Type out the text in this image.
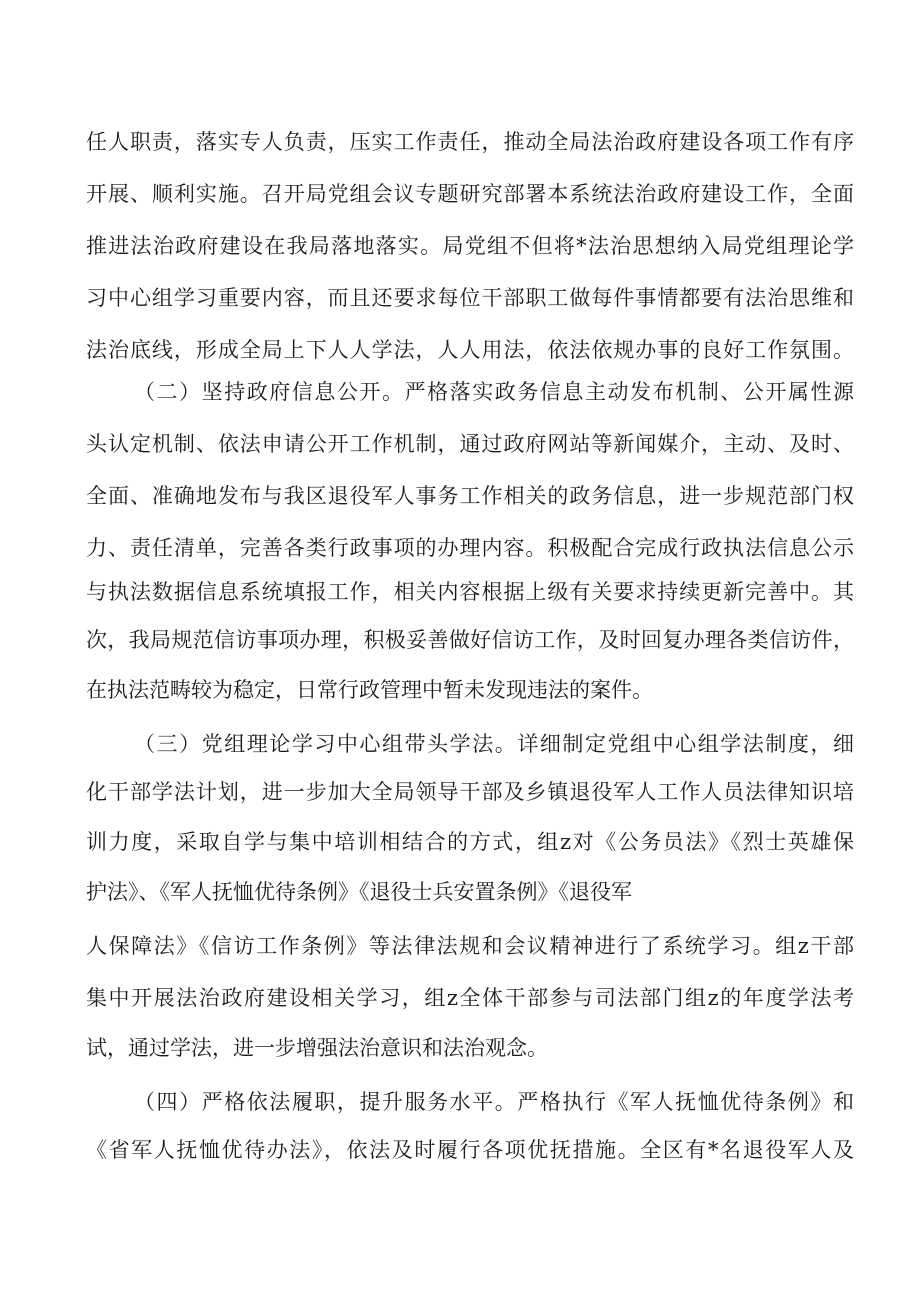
任人职责，落实专人负责，压实工作责任，推动全局法治政府建设各项工作有序
开展、顺利实施。召开局党组会议专题研究部署本系统法治政府建设工作，全面
推进法治政府建设在我局落地落实。局党组不但将*法治思想纳入局党组理论学
习中心组学习重要内容，而且还要求每位干部职工做每件事情都要有法治思维和
法治底线，形成全局上下人人学法，人人用法，依法依规办事的良好工作氛围。
（二）坚持政府信息公开。严格落实政务信息主动发布机制、公开属性源
头认定机制、依法申请公开工作机制，通过政府网站等新闻媒介，主动、及时、
全面、准确地发布与我区退役军人事务工作相关的政务信息，进一步规范部门权
力、责任清单，完善各类行政事项的办理内容。积极配合完成行政执法信息公示
与执法数据信息系统填报工作，相关内容根据上级有关要求持续更新完善中。其
次，我局规范信访事项办理，积极妥善做好信访工作，及时回复办理各类信访件，
在执法范畴较为稳定，日常行政管理中暂未发现违法的案件。
（三）党组理论学习中心组带头学法。详细制定党组中心组学法制度，细
化干部学法计划，进一步加大全局领导干部及乡镇退役军人工作人员法律知识培
训力度，采取自学与集中培训相结合的方式，组z对《公务员法》《烈士英雄保
护法》、《军人抚恤优待条例》《退役士兵安置条例》《退役军
人保障法》《信访工作条例》等法律法规和会议精神进行了系统学习。组z干部
集中开展法治政府建设相关学习，组z全体干部参与司法部门组z的年度学法考
试，通过学法，进一步增强法治意识和法治观念。
（四）严格依法履职，提升服务水平。严格执行《军人抚恤优待条例》和
《省军人抚恤优待办法》，依法及时履行各项优抚措施。全区有*名退役军人及
